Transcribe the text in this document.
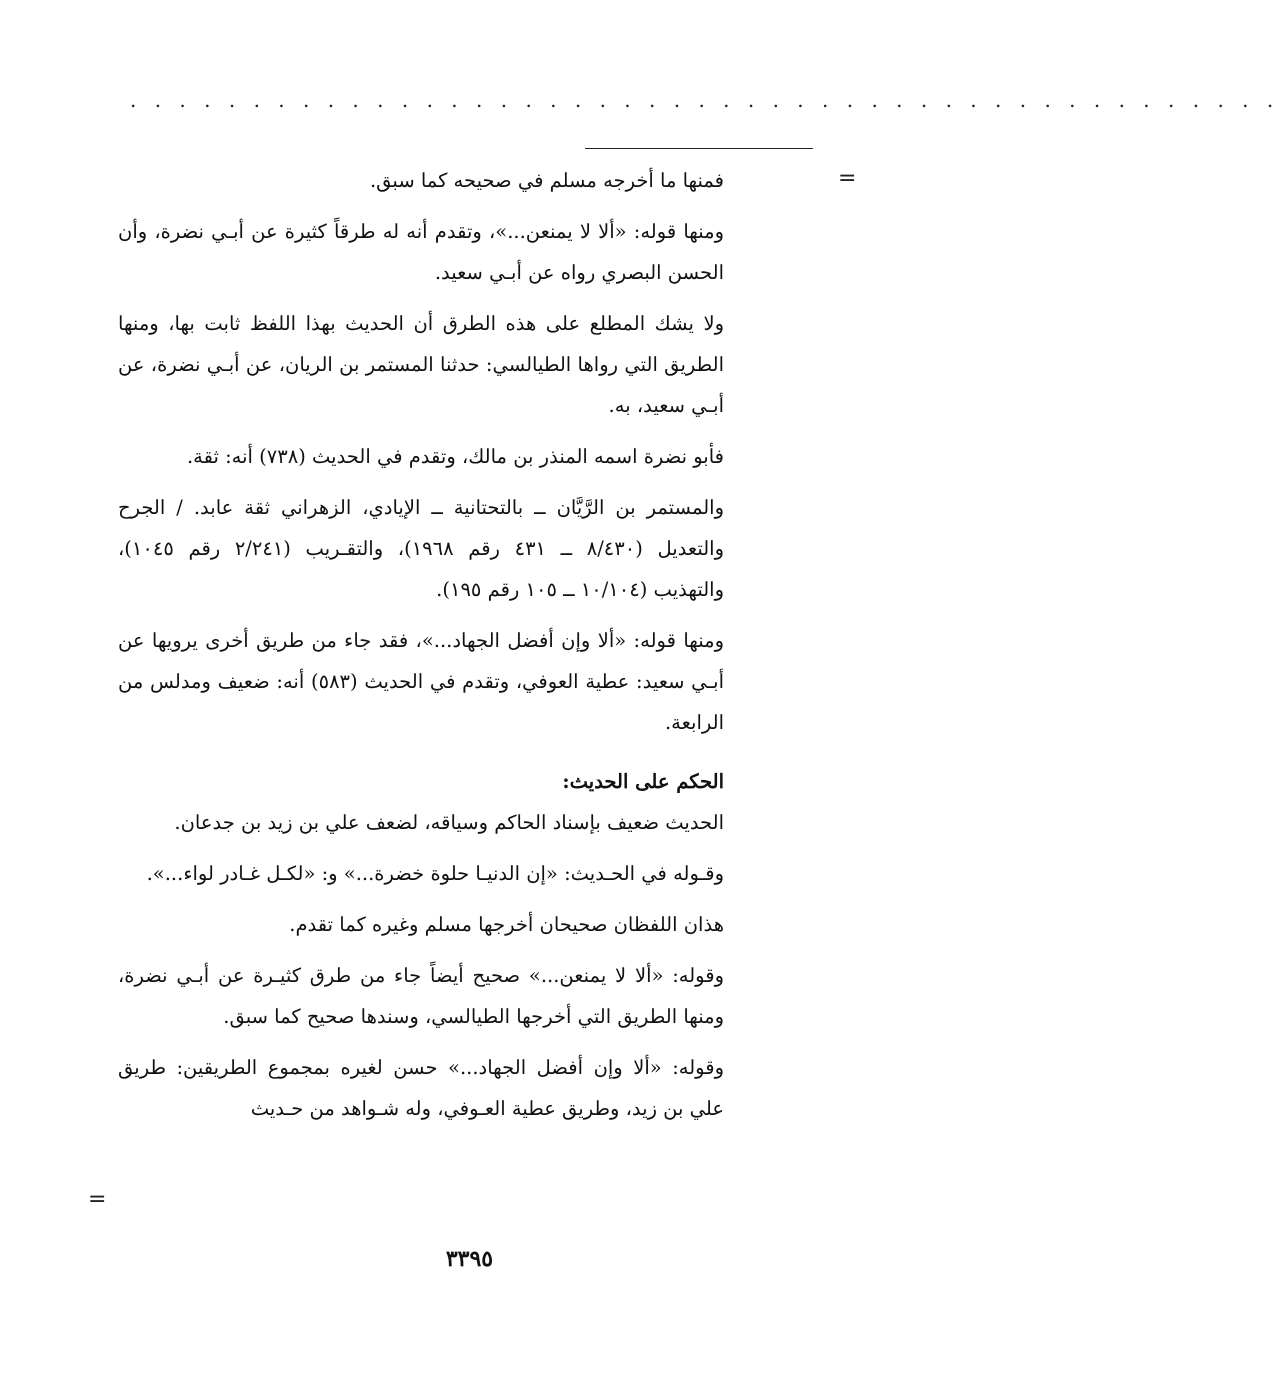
. . . . . . . . . . . . . . . . . . . . . . . . . . . . . . . . . . . . . . . . . . . . . . .
=
=

فمنها ما أخرجه مسلم في صحيحه كما سبق.

ومنها قوله: «ألا لا يمنعن...»، وتقدم أنه له طرقاً كثيرة عن أبـي نضرة، وأن الحسن البصري رواه عن أبـي سعيد.

ولا يشك المطلع على هذه الطرق أن الحديث بهذا اللفظ ثابت بها، ومنها الطريق التي رواها الطيالسي: حدثنا المستمر بن الريان، عن أبـي نضرة، عن أبـي سعيد، به.

فأبو نضرة اسمه المنذر بن مالك، وتقدم في الحديث (٧٣٨) أنه: ثقة.

والمستمر بن الرَّيَّان ــ بالتحتانية ــ الإيادي، الزهراني ثقة عابد. / الجرح والتعديل (٨/٤٣٠ ــ ٤٣١ رقم ١٩٦٨)، والتقـريب (٢/٢٤١ رقم ١٠٤٥)، والتهذيب (١٠/١٠٤ ــ ١٠٥ رقم ١٩٥).

ومنها قوله: «ألا وإن أفضل الجهاد...»، فقد جاء من طريق أخرى يرويها عن أبـي سعيد: عطية العوفي، وتقدم في الحديث (٥٨٣) أنه: ضعيف ومدلس من الرابعة.

الحكم على الحديث:

الحديث ضعيف بإسناد الحاكم وسياقه، لضعف علي بن زيد بن جدعان.

وقـوله في الحـديث: «إن الدنيـا حلوة خضرة...» و: «لكـل غـادر لواء...».

هذان اللفظان صحيحان أخرجها مسلم وغيره كما تقدم.

وقوله: «ألا لا يمنعن...» صحيح أيضاً جاء من طرق كثيـرة عن أبـي نضرة، ومنها الطريق التي أخرجها الطيالسي، وسندها صحيح كما سبق.

وقوله: «ألا وإن أفضل الجهاد...» حسن لغيره بمجموع الطريقين: طريق علي بن زيد، وطريق عطية العـوفي، وله شـواهد من حـديث

٣٣٩٥
